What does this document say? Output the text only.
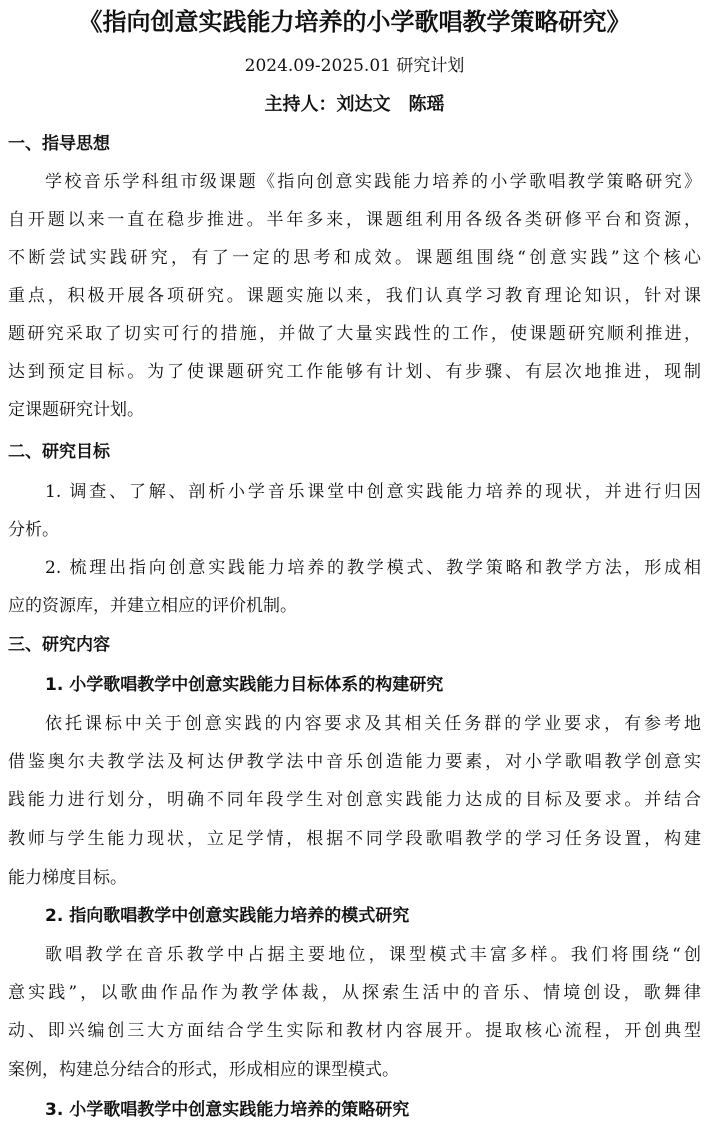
《指向创意实践能力培养的小学歌唱教学策略研究》
2024.09-2025.01 研究计划
主持人：刘达文 陈瑶
一、指导思想
学校音乐学科组市级课题《指向创意实践能力培养的小学歌唱教学策略研究》
自开题以来一直在稳步推进。半年多来，课题组利用各级各类研修平台和资源，
不断尝试实践研究，有了一定的思考和成效。课题组围绕“创意实践”这个核心
重点，积极开展各项研究。课题实施以来，我们认真学习教育理论知识，针对课
题研究采取了切实可行的措施，并做了大量实践性的工作，使课题研究顺利推进，
达到预定目标。为了使课题研究工作能够有计划、有步骤、有层次地推进，现制
定课题研究计划。
二、研究目标
1. 调查、了解、剖析小学音乐课堂中创意实践能力培养的现状，并进行归因
分析。
2. 梳理出指向创意实践能力培养的教学模式、教学策略和教学方法，形成相
应的资源库，并建立相应的评价机制。
三、研究内容
1. 小学歌唱教学中创意实践能力目标体系的构建研究
依托课标中关于创意实践的内容要求及其相关任务群的学业要求，有参考地
借鉴奥尔夫教学法及柯达伊教学法中音乐创造能力要素，对小学歌唱教学创意实
践能力进行划分，明确不同年段学生对创意实践能力达成的目标及要求。并结合
教师与学生能力现状，立足学情，根据不同学段歌唱教学的学习任务设置，构建
能力梯度目标。
2. 指向歌唱教学中创意实践能力培养的模式研究
歌唱教学在音乐教学中占据主要地位，课型模式丰富多样。我们将围绕“创
意实践”，以歌曲作品作为教学体裁，从探索生活中的音乐、情境创设，歌舞律
动、即兴编创三大方面结合学生实际和教材内容展开。提取核心流程，开创典型
案例，构建总分结合的形式，形成相应的课型模式。
3. 小学歌唱教学中创意实践能力培养的策略研究
